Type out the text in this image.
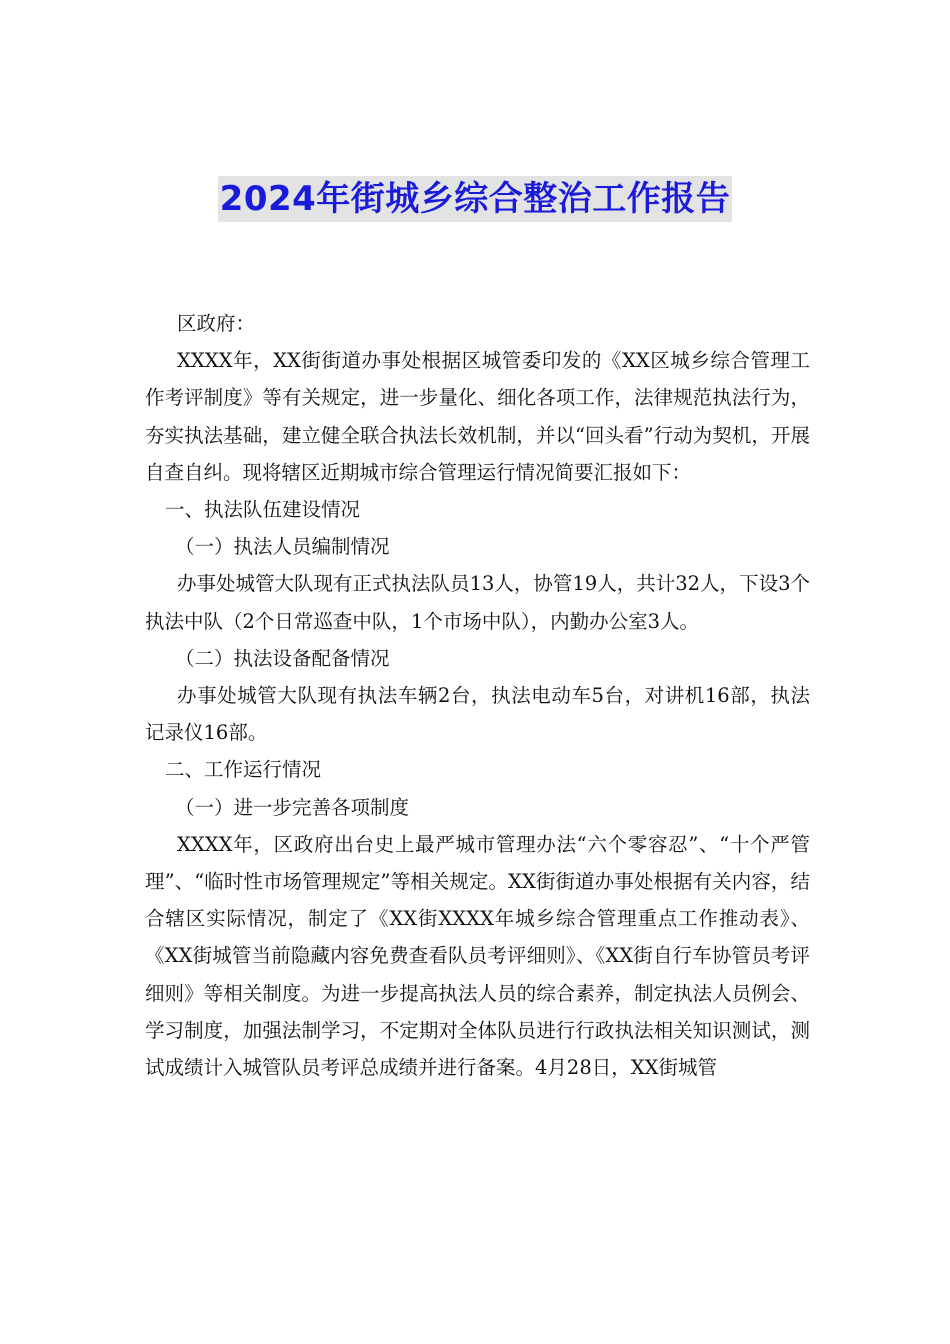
2024年街城乡综合整治工作报告

区政府：

XXXX年，XX街街道办事处根据区城管委印发的《XX区城乡综合管理工作考评制度》等有关规定，进一步量化、细化各项工作，法律规范执法行为，夯实执法基础，建立健全联合执法长效机制，并以“回头看”行动为契机，开展自查自纠。现将辖区近期城市综合管理运行情况简要汇报如下：

一、执法队伍建设情况

（一）执法人员编制情况

办事处城管大队现有正式执法队员13人，协管19人，共计32人，下设3个执法中队（2个日常巡查中队，1个市场中队），内勤办公室3人。

（二）执法设备配备情况

办事处城管大队现有执法车辆2台，执法电动车5台，对讲机16部，执法记录仪16部。

二、工作运行情况

（一）进一步完善各项制度

XXXX年，区政府出台史上最严城市管理办法“六个零容忍”、“十个严管理”、“临时性市场管理规定”等相关规定。XX街街道办事处根据有关内容，结合辖区实际情况，制定了《XX街XXXX年城乡综合管理重点工作推动表》、《XX街城管当前隐藏内容免费查看队员考评细则》、《XX街自行车协管员考评细则》等相关制度。为进一步提高执法人员的综合素养，制定执法人员例会、学习制度，加强法制学习，不定期对全体队员进行行政执法相关知识测试，测试成绩计入城管队员考评总成绩并进行备案。4月28日，XX街城管
